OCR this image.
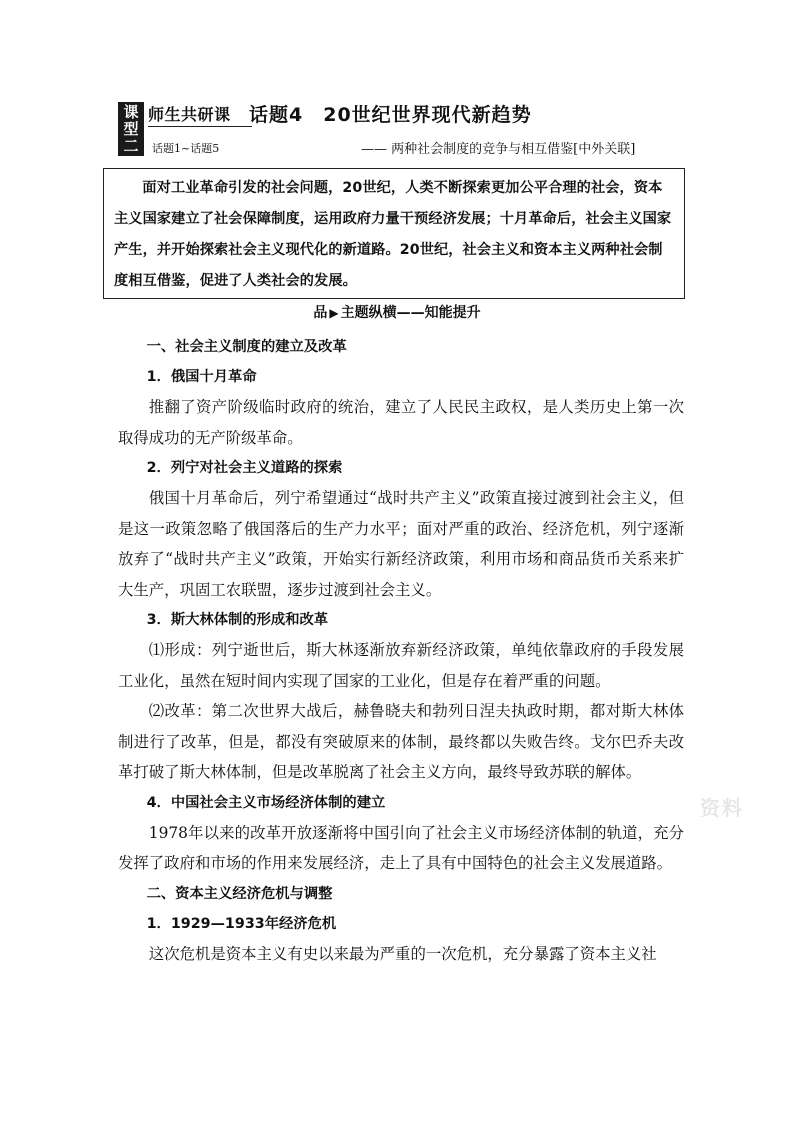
课
型
二
师生共研课
话题1~话题5
话题4　20世纪世界现代新趋势
—— 两种社会制度的竞争与相互借鉴[中外关联]

面对工业革命引发的社会问题，20世纪，人类不断探索更加公平合理的社会，资本主义国家建立了社会保障制度，运用政府力量干预经济发展；十月革命后，社会主义国家产生，并开始探索社会主义现代化的新道路。20世纪，社会主义和资本主义两种社会制度相互借鉴，促进了人类社会的发展。

品 ▶ 主题纵横——知能提升
一、社会主义制度的建立及改革
1．俄国十月革命

推翻了资产阶级临时政府的统治，建立了人民民主政权，是人类历史上第一次取得成功的无产阶级革命。

2．列宁对社会主义道路的探索

俄国十月革命后，列宁希望通过“战时共产主义”政策直接过渡到社会主义，但是这一政策忽略了俄国落后的生产力水平；面对严重的政治、经济危机，列宁逐渐放弃了“战时共产主义”政策，开始实行新经济政策，利用市场和商品货币关系来扩大生产，巩固工农联盟，逐步过渡到社会主义。

3．斯大林体制的形成和改革

⑴形成：列宁逝世后，斯大林逐渐放弃新经济政策，单纯依靠政府的手段发展工业化，虽然在短时间内实现了国家的工业化，但是存在着严重的问题。

⑵改革：第二次世界大战后，赫鲁晓夫和勃列日涅夫执政时期，都对斯大林体制进行了改革，但是，都没有突破原来的体制，最终都以失败告终。戈尔巴乔夫改革打破了斯大林体制，但是改革脱离了社会主义方向，最终导致苏联的解体。

4．中国社会主义市场经济体制的建立

1978年以来的改革开放逐渐将中国引向了社会主义市场经济体制的轨道，充分发挥了政府和市场的作用来发展经济，走上了具有中国特色的社会主义发展道路。

二、资本主义经济危机与调整
1．1929—1933年经济危机

这次危机是资本主义有史以来最为严重的一次危机，充分暴露了资本主义社

资料
